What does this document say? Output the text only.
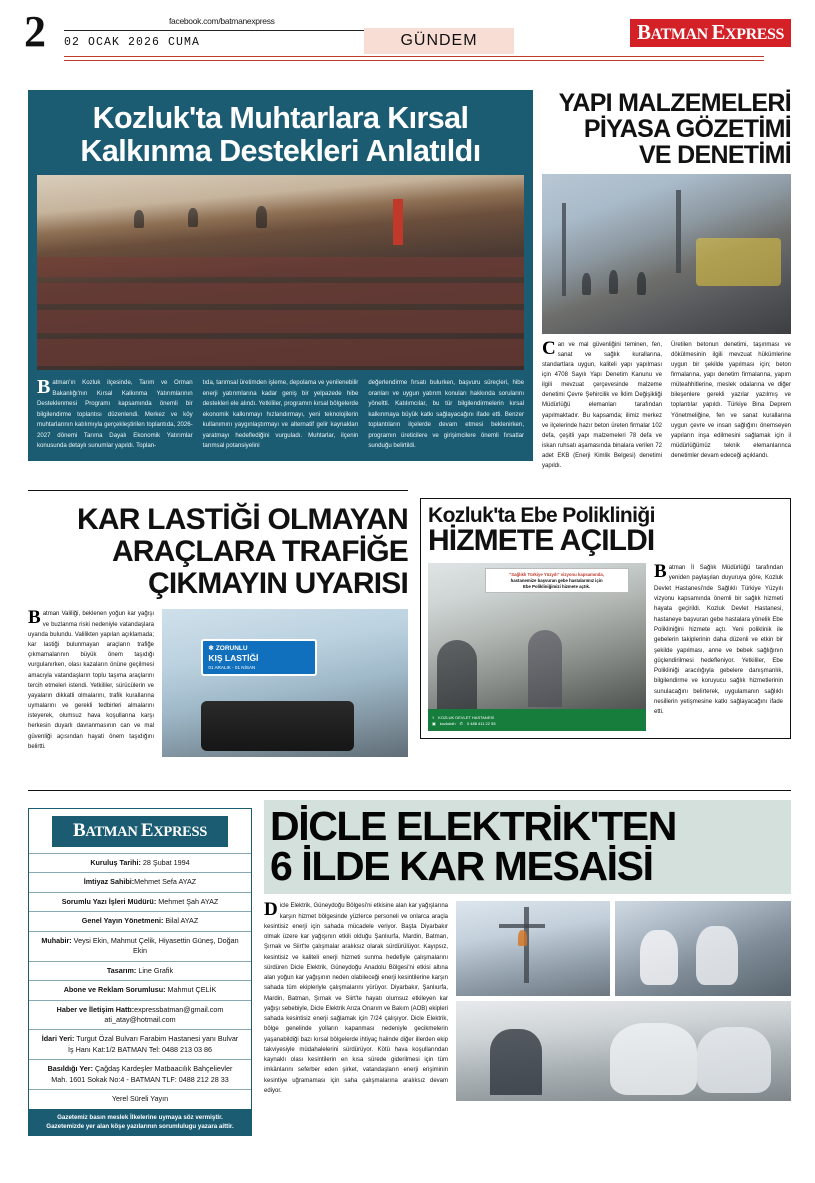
2	facebook.com/batmanexpress
02 OCAK 2026 CUMA	GÜNDEM	BATMAN EXPRESS
Kozluk'ta Muhtarlara Kırsal Kalkınma Destekleri Anlatıldı
Batman'ın Kozluk ilçesinde, Tarım ve Orman Bakanlığı'nın Kırsal Kalkınma Yatırımlarının Desteklenmesi Programı kapsamında önemli bir bilgilendirme toplantısı düzenlendi. Merkez ve köy muhtarlarının katılımıyla gerçekleştirilen toplantıda, 2026-2027 dönemi Tarıma Dayalı Ekonomik Yatırımlar konusunda detaylı sunumlar yapıldı. Toplan-
tıda, tarımsal üretimden işleme, depolama ve yenilenebilir enerji yatırımlarına kadar geniş bir yelpazede hibe destekleri ele alındı. Yetkililer, programın kırsal bölgelerde ekonomik kalkınmayı hızlandırmayı, yeni teknolojilerin kullanımını yaygınlaştırmayı ve alternatif gelir kaynakları yaratmayı hedeflediğini vurguladı. Muhtarlar, ilçenin tarımsal potansiyelini
değerlendirme fırsatı bulurken, başvuru süreçleri, hibe oranları ve uygun yatırım konuları hakkında sorularını yöneltti. Katılımcılar, bu tür bilgilendirmelerin kırsal kalkınmaya büyük katkı sağlayacağını ifade etti. Benzer toplantıların ilçelerde devam etmesi beklenirken, programın üreticilere ve girişimcilere önemli fırsatlar sunduğu belirtildi.
YAPI MALZEMELERİ
PİYASA GÖZETİMİ
VE DENETİMİ
Can ve mal güvenliğini teminen, fen, sanat ve sağlık kurallarına, standartlara uygun, kaliteli yapı yapılması için 4708 Sayılı Yapı Denetim Kanunu ve ilgili mevzuat çerçevesinde malzeme denetimi Çevre Şehircilik ve İklim Değişikliği Müdürlüğü elemanları tarafından yapılmaktadır. Bu kapsamda; ilimiz merkez ve ilçelerinde hazır beton üreten firmalar 102 defa, çeşitli yapı malzemeleri 78 defa ve iskan ruhsatı aşamasında binalara verilen 72 adet EKB (Enerji Kimlik Belgesi) denetimi yapıldı.
Üretilen betonun denetimi, taşınması ve dökülmesinin ilgili mevzuat hükümlerine uygun bir şekilde yapılması için; beton firmalarına, yapı denetim firmalarına, yapım müteahhitlerine, meslek odalarına ve diğer bileşenlere gerekli yazılar yazılmış ve toplantılar yapıldı. Türkiye Bina Deprem Yönetmeliğine, fen ve sanat kurallarına uygun çevre ve insan sağlığını önemseyen yapıların inşa edilmesini sağlamak için il müdürlüğümüz teknik elemanlarınca denetimler devam edeceği açıklandı.
KAR LASTİĞİ OLMAYAN
ARAÇLARA TRAFİĞE
ÇIKMAYIN UYARISI
Batman Valiliği, beklenen yoğun kar yağışı ve buzlanma riski nedeniyle vatandaşlara uyarıda bulundu. Valilikten yapılan açıklamada; kar lastiği bulunmayan araçların trafiğe çıkmamalarının büyük önem taşıdığı vurgulanırken, olası kazaların önüne geçilmesi amacıyla vatandaşların toplu taşıma araçlarını tercih etmeleri istendi. Yetkililer, sürücülerin ve yayaların dikkatli olmalarını, trafik kurallarına uymalarını ve gerekli tedbirleri almalarını isteyerek, olumsuz hava koşullarına karşı herkesin duyarlı davranmasının can ve mal güvenliği açısından hayati önem taşıdığını belirtti.
❄ ZORUNLU
KIŞ LASTİĞİ
01 ARALIK - 01 NİSAN
Kozluk'ta Ebe Polikliniği
HİZMETE AÇILDI
"Sağlıklı Türkiye Yüzyılı" vizyonu kapsamında,
hastanemize başvuran gebe hastalarımız için
Ebe Polikliniğimizi hizmete açtık.
⚕ KOZLUK DEVLET HASTANESİ
▣ kozlukdh ✆ 0 488 411 22 55
Batman İl Sağlık Müdürlüğü tarafından yeniden paylaşılan duyuruya göre, Kozluk Devlet Hastanesi'nde Sağlıklı Türkiye Yüzyılı vizyonu kapsamında önemli bir sağlık hizmeti hayata geçirildi. Kozluk Devlet Hastanesi, hastaneye başvuran gebe hastalara yönelik Ebe Polikliniğini hizmete açtı. Yeni poliklinik ile gebelerin takiplerinin daha düzenli ve etkin bir şekilde yapılması, anne ve bebek sağlığının güçlendirilmesi hedefleniyor. Yetkililer, Ebe Polikliniği aracılığıyla gebelere danışmanlık, bilgilendirme ve koruyucu sağlık hizmetlerinin sunulacağını belirterek, uygulamanın sağlıklı nesillerin yetişmesine katkı sağlayacağını ifade etti.
BATMAN EXPRESS
Kuruluş Tarihi: 28 Şubat 1994
İmtiyaz Sahibi:Mehmet Sefa AYAZ
Sorumlu Yazı İşleri Müdürü: Mehmet Şah AYAZ
Genel Yayın Yönetmeni: Bilal AYAZ
Muhabir: Veysi Ekin, Mahmut Çelik, Hiyasettin Güneş, Doğan Ekin
Tasarım: Line Grafik
Abone ve Reklam Sorumlusu: Mahmut ÇELİK
Haber ve İletişim Hattı:expressbatman@gmail.com ati_atay@hotmail.com
İdari Yeri: Turgut Özal Bulvarı Farabim Hastanesi yanı Bulvar İş Hanı Kat:1/2 BATMAN Tel: 0488 213 03 86
Basıldığı Yer: Çağdaş Kardeşler Matbaacılık Bahçelievler Mah. 1601 Sokak No:4 - BATMAN TLF: 0488 212 28 33
Yerel Süreli Yayın
Gazetemiz basın meslek İlkelerine uymaya söz vermiştir.
Gazetemizde yer alan köşe yazılarının sorumlulugu yazara aittir.
DİCLE ELEKTRİK'TEN
6 İLDE KAR MESAİSİ
Dicle Elektrik, Güneydoğu Bölgesi'ni etkisine alan kar yağışlarına karşın hizmet bölgesinde yüzlerce personeli ve onlarca araçla kesintisiz enerji için sahada mücadele veriyor. Başta Diyarbakır olmak üzere kar yağışının etkili olduğu Şanlıurfa, Mardin, Batman, Şırnak ve Siirt'te çalışmalar aralıksız olarak sürdürülüyor. Kayıpsız, kesintisiz ve kaliteli enerji hizmeti sunma hedefiyle çalışmalarını sürdüren Dicle Elektrik, Güneydoğu Anadolu Bölgesi'ni etkisi altına alan yoğun kar yağışının neden olabileceği enerji kesintilerine karşın sahada tüm ekipleriyle çalışmalarını yürüyor. Diyarbakır, Şanlıurfa, Mardin, Batman, Şırnak ve Siirt'te hayatı olumsuz etkileyen kar yağışı sebebiyle, Dicle Elektrik Arıza Onarım ve Bakım (AOB) ekipleri sahada kesintisiz enerji sağlamak için 7/24 çalışıyor. Dicle Elektrik, bölge genelinde yolların kapanması nedeniyle gecikmelerin yaşanabildiği bazı kırsal bölgelerde ihtiyaç halinde diğer illerden ekip takviyesiyle müdahalelerini sürdürüyor. Kötü hava koşullarından kaynaklı olası kesintilerin en kısa sürede giderilmesi için tüm imkânlarını seferber eden şirket, vatandaşların enerji erişiminin kesintiye uğramaması için saha çalışmalarına aralıksız devam ediyor.
